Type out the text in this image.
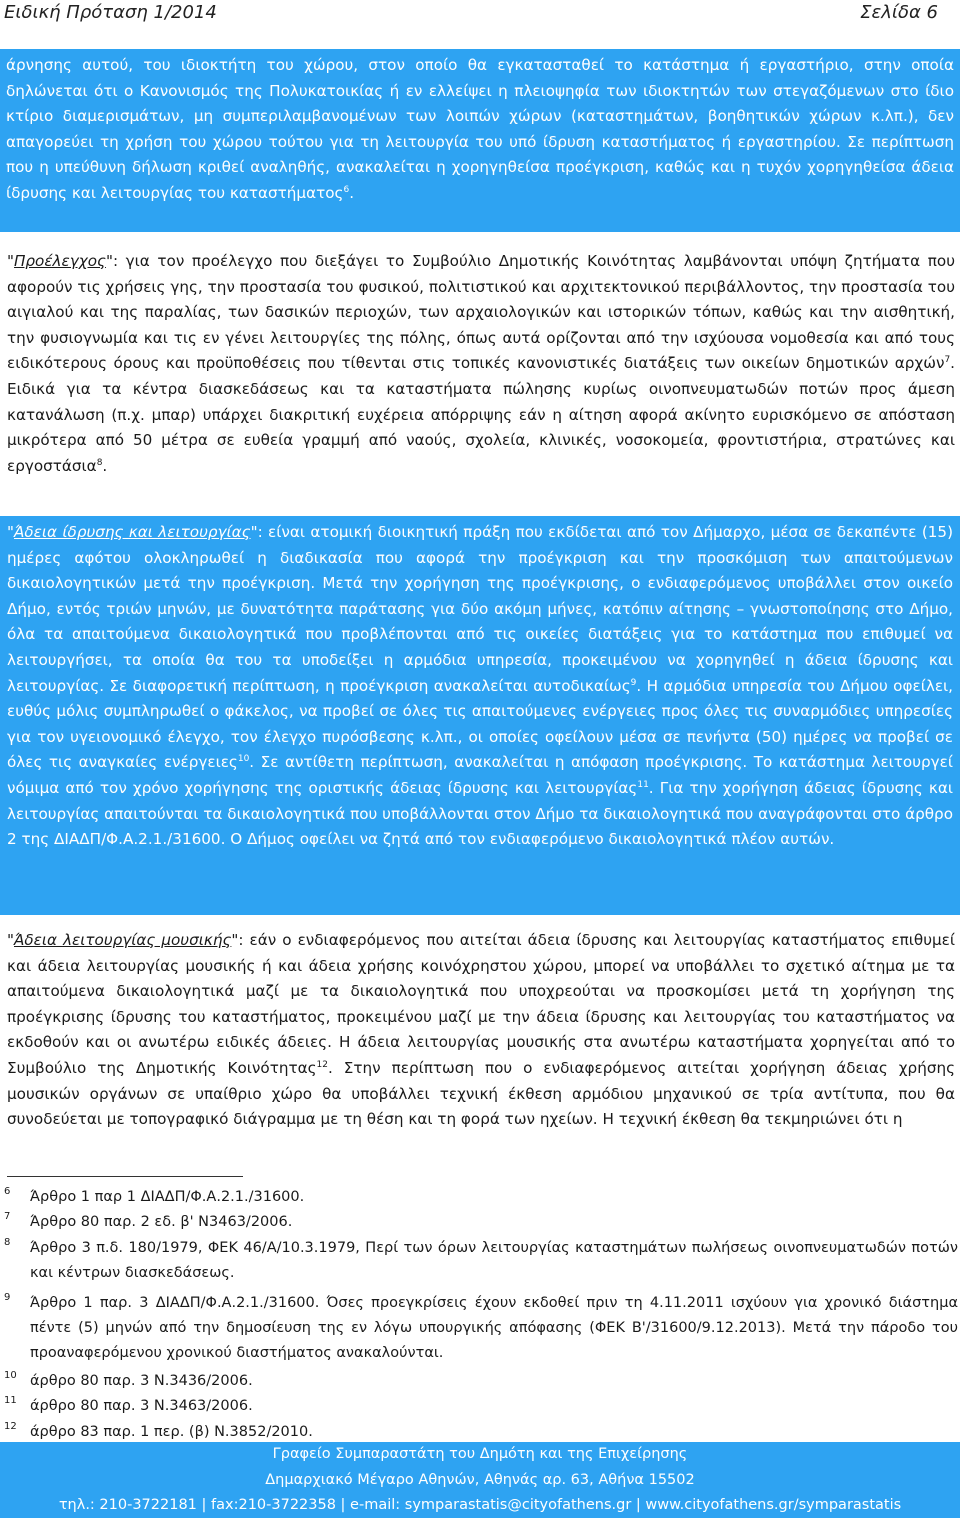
Ειδική Πρόταση 1/2014	Σελίδα 6

άρνησης αυτού, του ιδιοκτήτη του χώρου, στον οποίο θα εγκατασταθεί το κατάστημα ή εργαστήριο, στην οποία δηλώνεται ότι ο Κανονισμός της Πολυκατοικίας ή εν ελλείψει η πλειοψηφία των ιδιοκτητών των στεγαζόμενων στο ίδιο κτίριο διαμερισμάτων, μη συμπεριλαμβανομένων των λοιπών χώρων (καταστημάτων, βοηθητικών χώρων κ.λπ.), δεν απαγορεύει τη χρήση του χώρου τούτου για τη λειτουργία του υπό ίδρυση καταστήματος ή εργαστηρίου. Σε περίπτωση που η υπεύθυνη δήλωση κριθεί αναληθής, ανακαλείται η χορηγηθείσα προέγκριση, καθώς και η τυχόν χορηγηθείσα άδεια ίδρυσης και λειτουργίας του καταστήματος$^6$.

"Προέλεγχος": για τον προέλεγχο που διεξάγει το Συμβούλιο Δημοτικής Κοινότητας λαμβάνονται υπόψη ζητήματα που αφορούν τις χρήσεις γης, την προστασία του φυσικού, πολιτιστικού και αρχιτεκτονικού περιβάλλοντος, την προστασία του αιγιαλού και της παραλίας, των δασικών περιοχών, των αρχαιολογικών και ιστορικών τόπων, καθώς και την αισθητική, την φυσιογνωμία και τις εν γένει λειτουργίες της πόλης, όπως αυτά ορίζονται από την ισχύουσα νομοθεσία και από τους ειδικότερους όρους και προϋποθέσεις που τίθενται στις τοπικές κανονιστικές διατάξεις των οικείων δημοτικών αρχών$^7$. Ειδικά για τα κέντρα διασκεδάσεως και τα καταστήματα πώλησης κυρίως οινοπνευματωδών ποτών προς άμεση κατανάλωση (π.χ. μπαρ) υπάρχει διακριτική ευχέρεια απόρριψης εάν η αίτηση αφορά ακίνητο ευρισκόμενο σε απόσταση μικρότερα από 50 μέτρα σε ευθεία γραμμή από ναούς, σχολεία, κλινικές, νοσοκομεία, φροντιστήρια, στρατώνες και εργοστάσια$^8$.

"Άδεια ίδρυσης και λειτουργίας": είναι ατομική διοικητική πράξη που εκδίδεται από τον Δήμαρχο, μέσα σε δεκαπέντε (15) ημέρες αφότου ολοκληρωθεί η διαδικασία που αφορά την προέγκριση και την προσκόμιση των απαιτούμενων δικαιολογητικών μετά την προέγκριση. Μετά την χορήγηση της προέγκρισης, ο ενδιαφερόμενος υποβάλλει στον οικείο Δήμο, εντός τριών μηνών, με δυνατότητα παράτασης για δύο ακόμη μήνες, κατόπιν αίτησης – γνωστοποίησης στο Δήμο, όλα τα απαιτούμενα δικαιολογητικά που προβλέπονται από τις οικείες διατάξεις για το κατάστημα που επιθυμεί να λειτουργήσει, τα οποία θα του τα υποδείξει η αρμόδια υπηρεσία, προκειμένου να χορηγηθεί η άδεια ίδρυσης και λειτουργίας. Σε διαφορετική περίπτωση, η προέγκριση ανακαλείται αυτοδικαίως$^9$. Η αρμόδια υπηρεσία του Δήμου οφείλει, ευθύς μόλις συμπληρωθεί ο φάκελος, να προβεί σε όλες τις απαιτούμενες ενέργειες προς όλες τις συναρμόδιες υπηρεσίες για τον υγειονομικό έλεγχο, τον έλεγχο πυρόσβεσης κ.λπ., οι οποίες οφείλουν μέσα σε πενήντα (50) ημέρες να προβεί σε όλες τις αναγκαίες ενέργειες$^{10}$. Σε αντίθετη περίπτωση, ανακαλείται η απόφαση προέγκρισης. Το κατάστημα λειτουργεί νόμιμα από τον χρόνο χορήγησης της οριστικής άδειας ίδρυσης και λειτουργίας$^{11}$. Για την χορήγηση άδειας ίδρυσης και λειτουργίας απαιτούνται τα δικαιολογητικά που υποβάλλονται στον Δήμο τα δικαιολογητικά που αναγράφονται στο άρθρο 2 της ΔΙΑΔΠ/Φ.Α.2.1./31600. Ο Δήμος οφείλει να ζητά από τον ενδιαφερόμενο δικαιολογητικά πλέον αυτών.

"Άδεια λειτουργίας μουσικής": εάν ο ενδιαφερόμενος που αιτείται άδεια ίδρυσης και λειτουργίας καταστήματος επιθυμεί και άδεια λειτουργίας μουσικής ή και άδεια χρήσης κοινόχρηστου χώρου, μπορεί να υποβάλλει το σχετικό αίτημα με τα απαιτούμενα δικαιολογητικά μαζί με τα δικαιολογητικά που υποχρεούται να προσκομίσει μετά τη χορήγηση της προέγκρισης ίδρυσης του καταστήματος, προκειμένου μαζί με την άδεια ίδρυσης και λειτουργίας του καταστήματος να εκδοθούν και οι ανωτέρω ειδικές άδειες. Η άδεια λειτουργίας μουσικής στα ανωτέρω καταστήματα χορηγείται από το Συμβούλιο της Δημοτικής Κοινότητας$^{12}$. Στην περίπτωση που ο ενδιαφερόμενος αιτείται χορήγηση άδειας χρήσης μουσικών οργάνων σε υπαίθριο χώρο θα υποβάλλει τεχνική έκθεση αρμόδιου μηχανικού σε τρία αντίτυπα, που θα συνοδεύεται με τοπογραφικό διάγραμμα με τη θέση και τη φορά των ηχείων. Η τεχνική έκθεση θα τεκμηριώνει ότι η

6 Άρθρο 1 παρ 1 ΔΙΑΔΠ/Φ.Α.2.1./31600.
7 Άρθρο 80 παρ. 2 εδ. β' Ν3463/2006.
8 Άρθρο 3 π.δ. 180/1979, ΦΕΚ 46/Α/10.3.1979, Περί των όρων λειτουργίας καταστημάτων πωλήσεως οινοπνευματωδών ποτών και κέντρων διασκεδάσεως.
9 Άρθρο 1 παρ. 3 ΔΙΑΔΠ/Φ.Α.2.1./31600. Όσες προεγκρίσεις έχουν εκδοθεί πριν τη 4.11.2011 ισχύουν για χρονικό διάστημα πέντε (5) μηνών από την δημοσίευση της εν λόγω υπουργικής απόφασης (ΦΕΚ Β'/31600/9.12.2013). Μετά την πάροδο του προαναφερόμενου χρονικού διαστήματος ανακαλούνται.
10 άρθρο 80 παρ. 3 Ν.3436/2006.
11 άρθρο 80 παρ. 3 Ν.3463/2006.
12 άρθρο 83 παρ. 1 περ. (β) Ν.3852/2010.
Γραφείο Συμπαραστάτη του Δημότη και της Επιχείρησης
Δημαρχιακό Μέγαρο Αθηνών, Αθηνάς αρ. 63, Αθήνα 15502
τηλ.: 210-3722181 | fax:210-3722358 | e-mail: symparastatis@cityofathens.gr | www.cityofathens.gr/symparastatis
